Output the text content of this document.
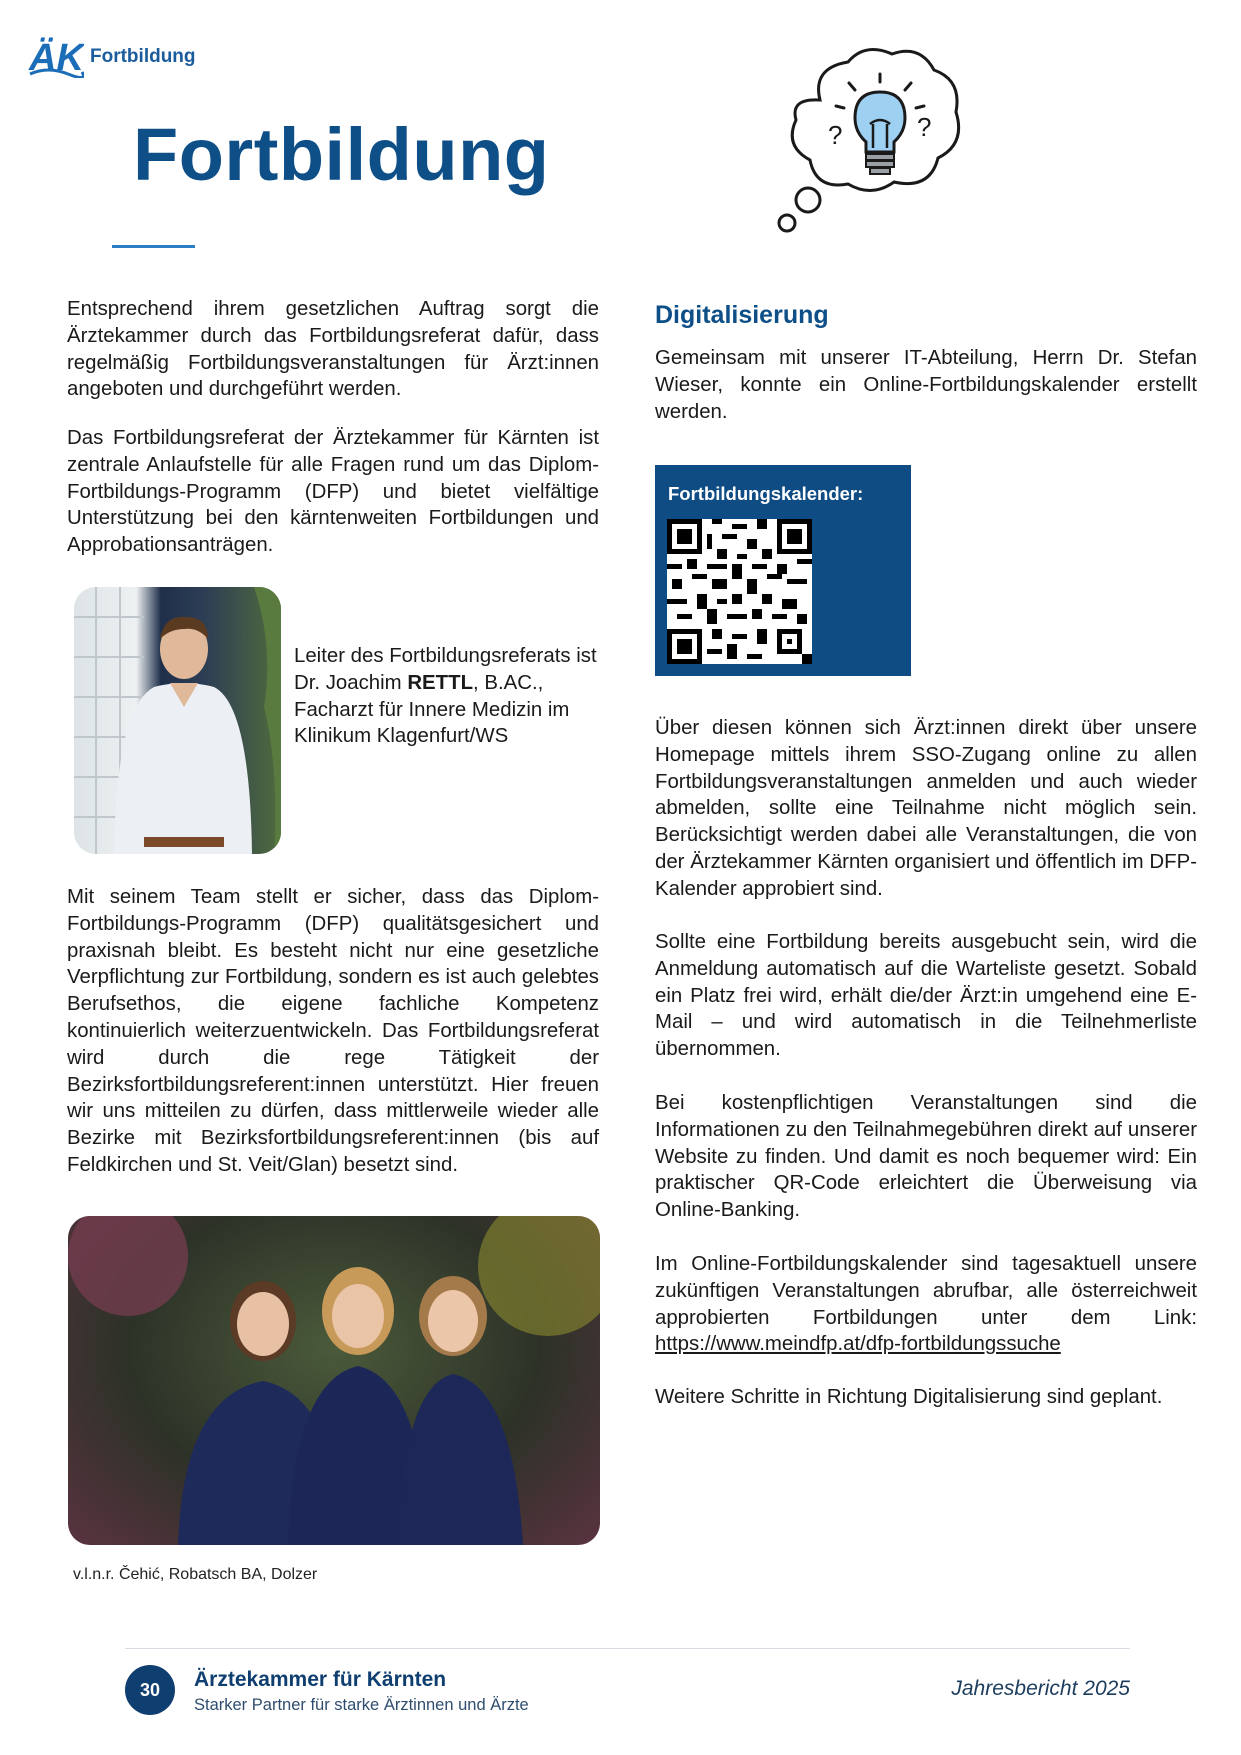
ÄK Fortbildung
Fortbildung	?	?

Entsprechend ihrem gesetzlichen Auftrag sorgt die Ärztekammer durch das Fortbildungsreferat dafür, dass regelmäßig Fortbildungsveranstaltungen für Ärzt:innen angeboten und durchgeführt werden.

Das Fortbildungsreferat der Ärztekammer für Kärnten ist zentrale Anlaufstelle für alle Fragen rund um das Diplom-Fortbildungs-Programm (DFP) und bietet vielfältige Unterstützung bei den kärntenweiten Fortbildungen und Approbationsanträgen.

Leiter des Fortbildungsreferats ist Dr. Joachim RETTL, B.AC., Facharzt für Innere Medizin im Klinikum Klagenfurt/WS

Mit seinem Team stellt er sicher, dass das Diplom-Fortbildungs-Programm (DFP) qualitätsgesichert und praxisnah bleibt. Es besteht nicht nur eine gesetzliche Verpflichtung zur Fortbildung, sondern es ist auch gelebtes Berufsethos, die eigene fachliche Kompetenz kontinuierlich weiterzuentwickeln. Das Fortbildungsreferat wird durch die rege Tätigkeit der Bezirksfortbildungsreferent:innen unterstützt. Hier freuen wir uns mitteilen zu dürfen, dass mittlerweile wieder alle Bezirke mit Bezirksfortbildungsreferent:innen (bis auf Feldkirchen und St. Veit/Glan) besetzt sind.

v.l.n.r. Čehić, Robatsch BA, Dolzer
Digitalisierung

Gemeinsam mit unserer IT-Abteilung, Herrn Dr. Stefan Wieser, konnte ein Online-Fortbildungskalender erstellt werden.

Fortbildungskalender:

Über diesen können sich Ärzt:innen direkt über unsere Homepage mittels ihrem SSO-Zugang online zu allen Fortbildungsveranstaltungen anmelden und auch wieder abmelden, sollte eine Teilnahme nicht möglich sein. Berücksichtigt werden dabei alle Veranstaltungen, die von der Ärztekammer Kärnten organisiert und öffentlich im DFP-Kalender approbiert sind.

Sollte eine Fortbildung bereits ausgebucht sein, wird die Anmeldung automatisch auf die Warteliste gesetzt. Sobald ein Platz frei wird, erhält die/der Ärzt:in umgehend eine E-Mail – und wird automatisch in die Teilnehmerliste übernommen.

Bei kostenpflichtigen Veranstaltungen sind die Informationen zu den Teilnahmegebühren direkt auf unserer Website zu finden. Und damit es noch bequemer wird: Ein praktischer QR-Code erleichtert die Überweisung via Online-Banking.

Im Online-Fortbildungskalender sind tagesaktuell unsere zukünftigen Veranstaltungen abrufbar, alle österreichweit approbierten Fortbildungen unter dem Link: https://www.meindfp.at/dfp-fortbildungssuche

Weitere Schritte in Richtung Digitalisierung sind geplant.

30	Ärztekammer für Kärnten
Starker Partner für starke Ärztinnen und Ärzte
Jahresbericht 2025
